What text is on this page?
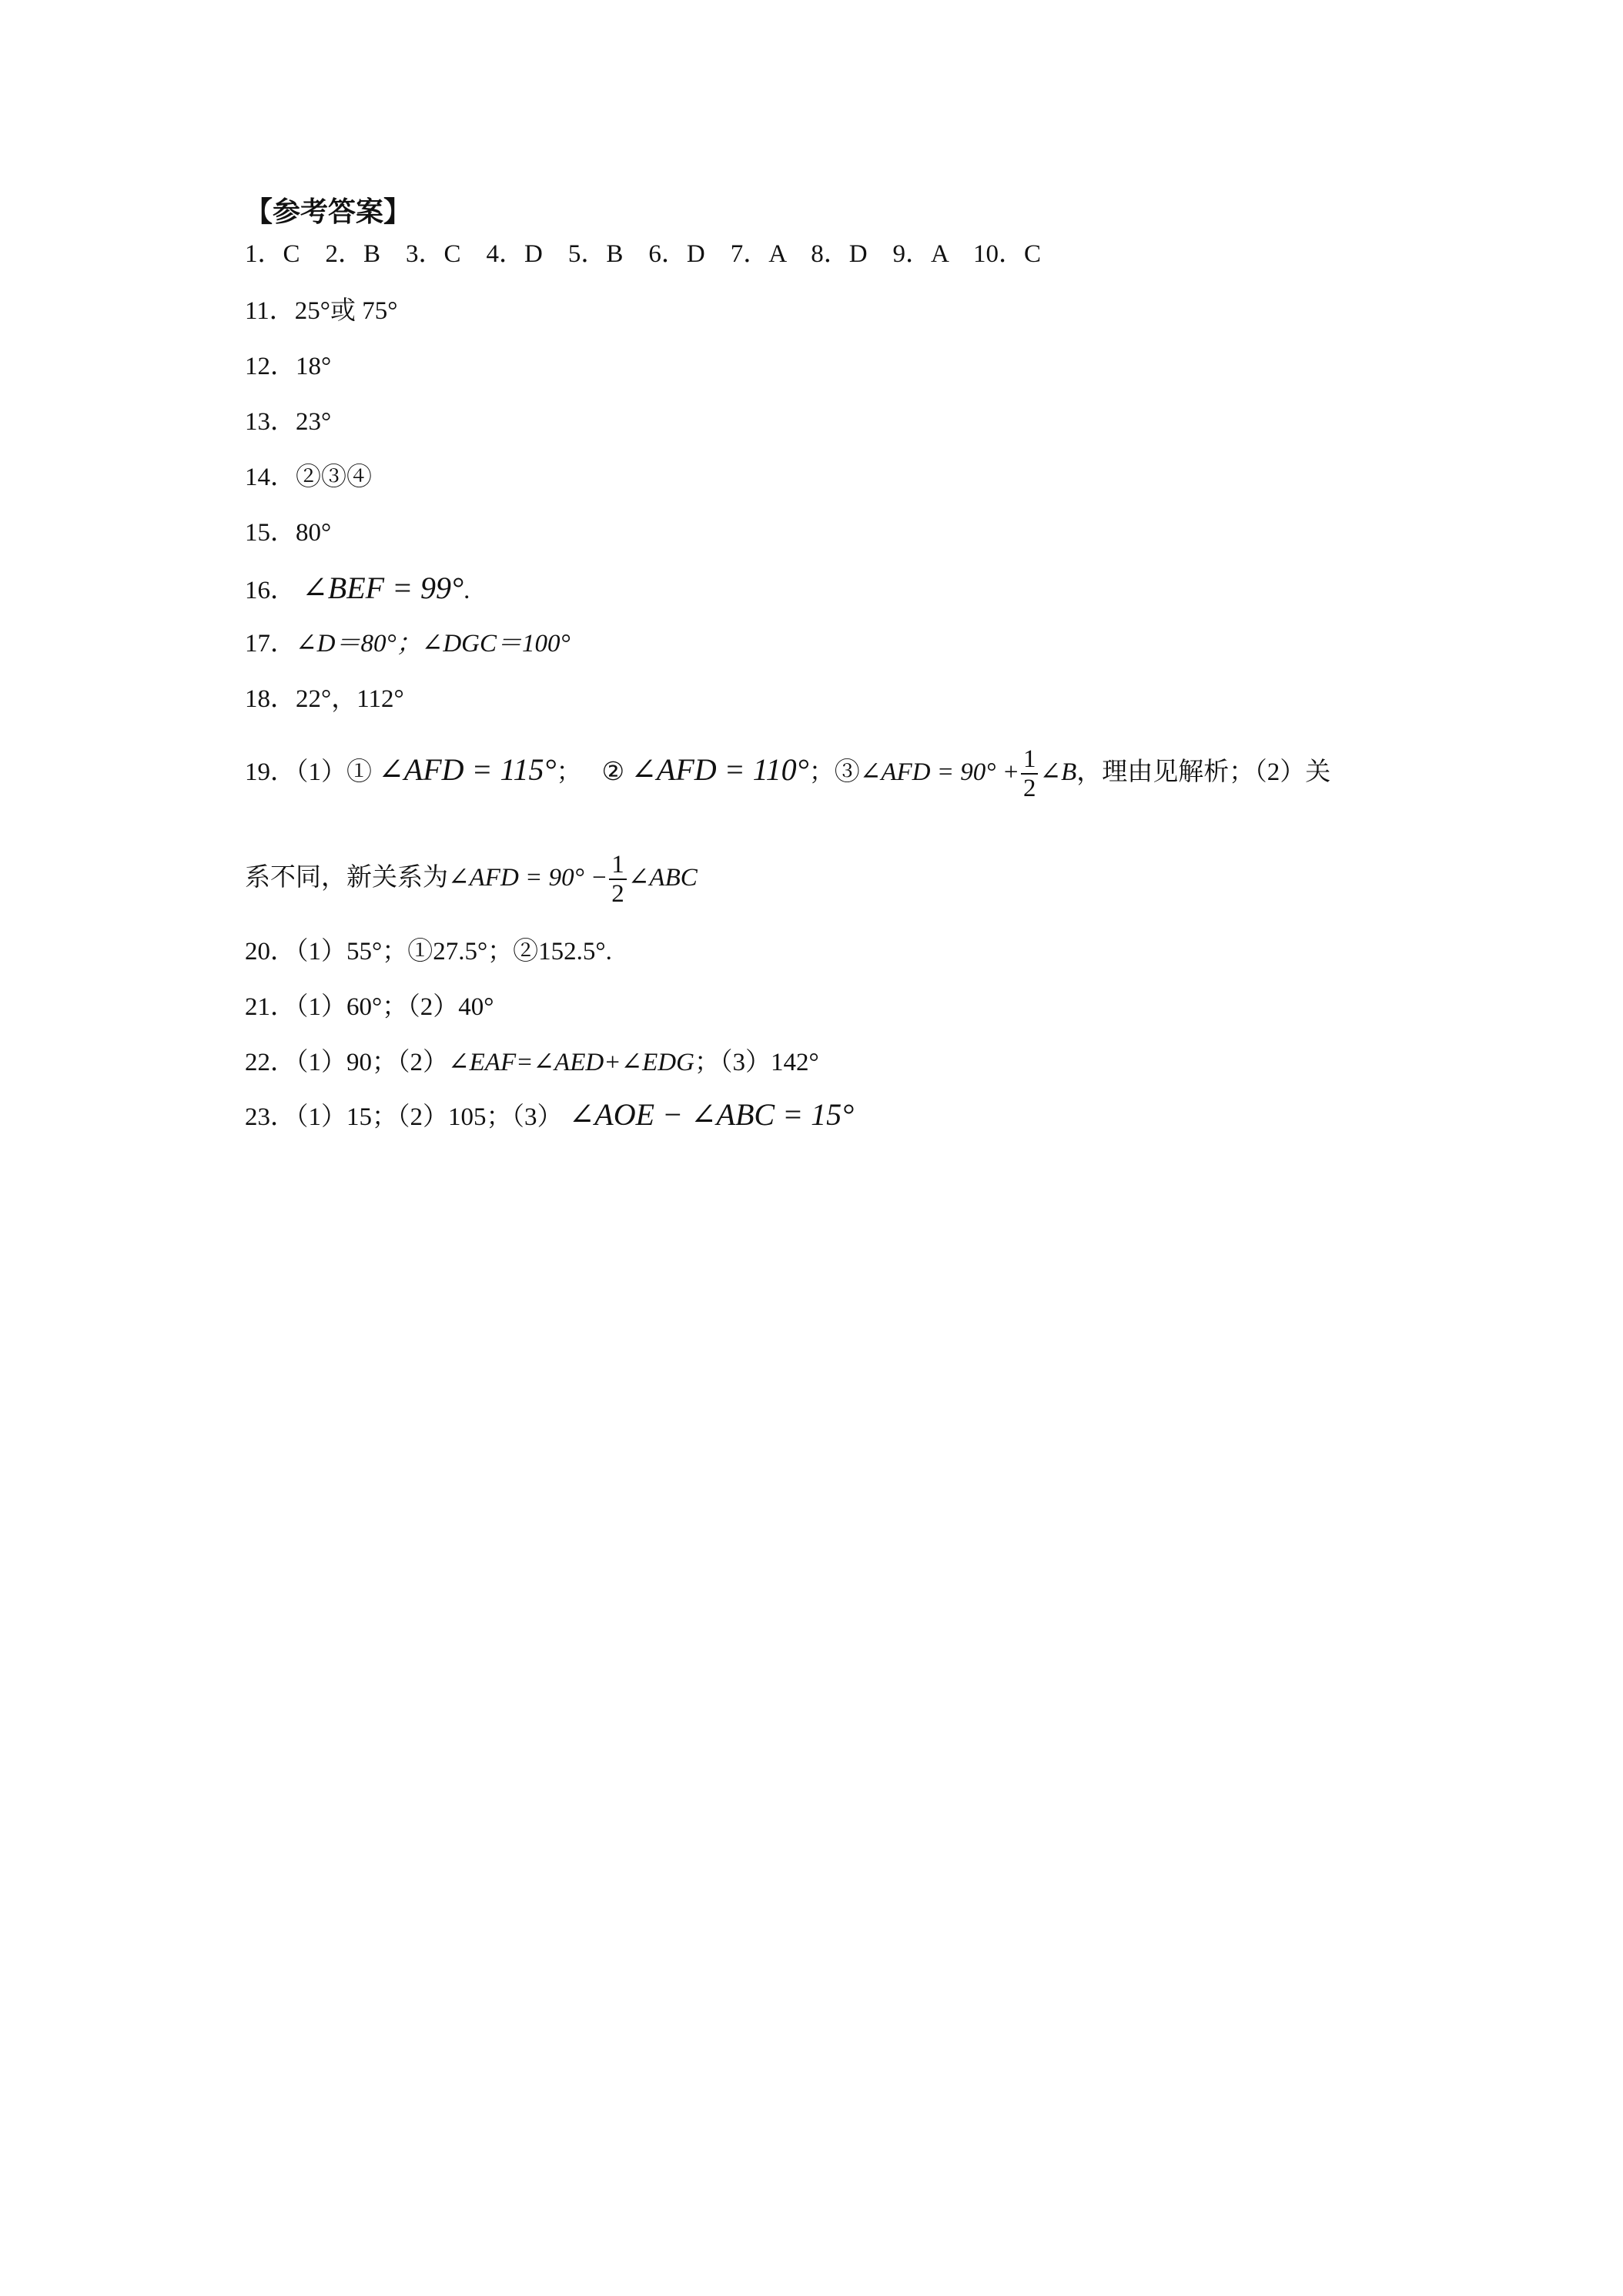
【参考答案】
1．C　2．B　3．C　4．D　5．B　6．D　7．A　8．D　9．A　10．C
11．25°或 75°
12．18°
13．23°
14．②③④
15．80°
16． ∠BEF = 99°.
17．∠D＝80°；∠DGC＝100°
18．22°，112°
19．（1）① ∠AFD = 115°； ② ∠AFD = 110°；③∠AFD = $90^\circ + \frac{1}{2}$ ∠B，理由见解析；（2）关
系不同，新关系为∠AFD = $90^\circ - \frac{1}{2}$ ∠ABC
20．（1）55°；①27.5°；②152.5°.
21．（1）60°；（2）40°
22．（1）90；（2）∠EAF=∠AED+∠EDG；（3）142°
23．（1）15；（2）105；（3） ∠AOE − ∠ABC = 15°
